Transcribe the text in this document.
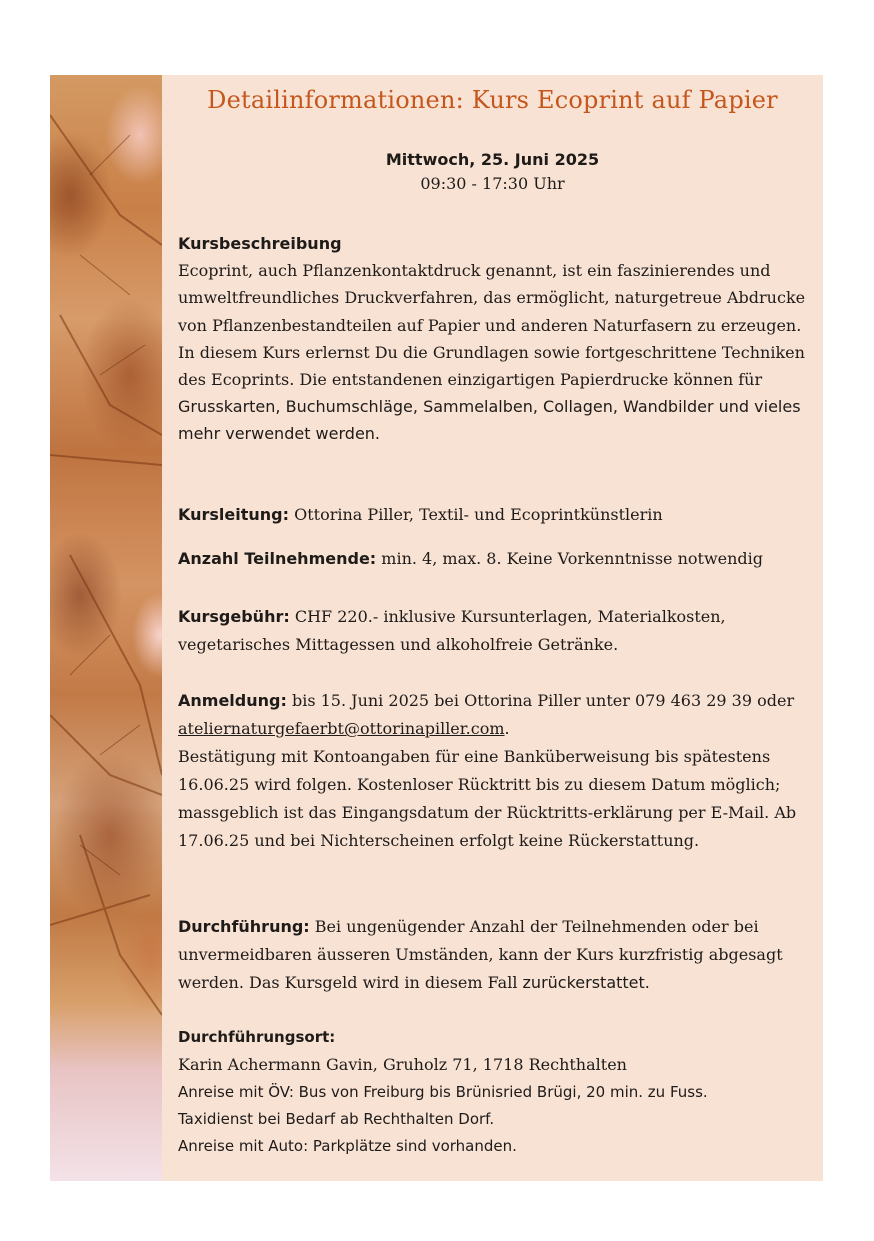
Detailinformationen: Kurs Ecoprint auf Papier
Mittwoch, 25. Juni 2025
09:30 - 17:30 Uhr
Kursbeschreibung

Ecoprint, auch Pflanzenkontaktdruck genannt, ist ein faszinierendes und umweltfreundliches Druckverfahren, das ermöglicht, naturgetreue Abdrucke von Pflanzenbestandteilen auf Papier und anderen Naturfasern zu erzeugen. In diesem Kurs erlernst Du die Grundlagen sowie fortgeschrittene Techniken des Ecoprints. Die entstandenen einzigartigen Papierdrucke können für Grusskarten, Buchumschläge, Sammelalben, Collagen, Wandbilder und vieles mehr verwendet werden.

Kursleitung: Ottorina Piller, Textil- und Ecoprintkünstlerin
Anzahl Teilnehmende: min. 4, max. 8. Keine Vorkenntnisse notwendig
Kursgebühr: CHF 220.- inklusive Kursunterlagen, Materialkosten, vegetarisches Mittagessen und alkoholfreie Getränke.
Anmeldung: bis 15. Juni 2025 bei Ottorina Piller unter 079 463 29 39 oder ateliernaturgefaerbt@ottorinapiller.com.
Bestätigung mit Kontoangaben für eine Banküberweisung bis spätestens 16.06.25 wird folgen. Kostenloser Rücktritt bis zu diesem Datum möglich; massgeblich ist das Eingangsdatum der Rücktritts-erklärung per E-Mail. Ab 17.06.25 und bei Nichterscheinen erfolgt keine Rückerstattung.
Durchführung: Bei ungenügender Anzahl der Teilnehmenden oder bei unvermeidbaren äusseren Umständen, kann der Kurs kurzfristig abgesagt werden. Das Kursgeld wird in diesem Fall zurückerstattet.
Durchführungsort:
Karin Achermann Gavin, Gruholz 71, 1718 Rechthalten
Anreise mit ÖV: Bus von Freiburg bis Brünisried Brügi, 20 min. zu Fuss.
Taxidienst bei Bedarf ab Rechthalten Dorf.
Anreise mit Auto: Parkplätze sind vorhanden.
